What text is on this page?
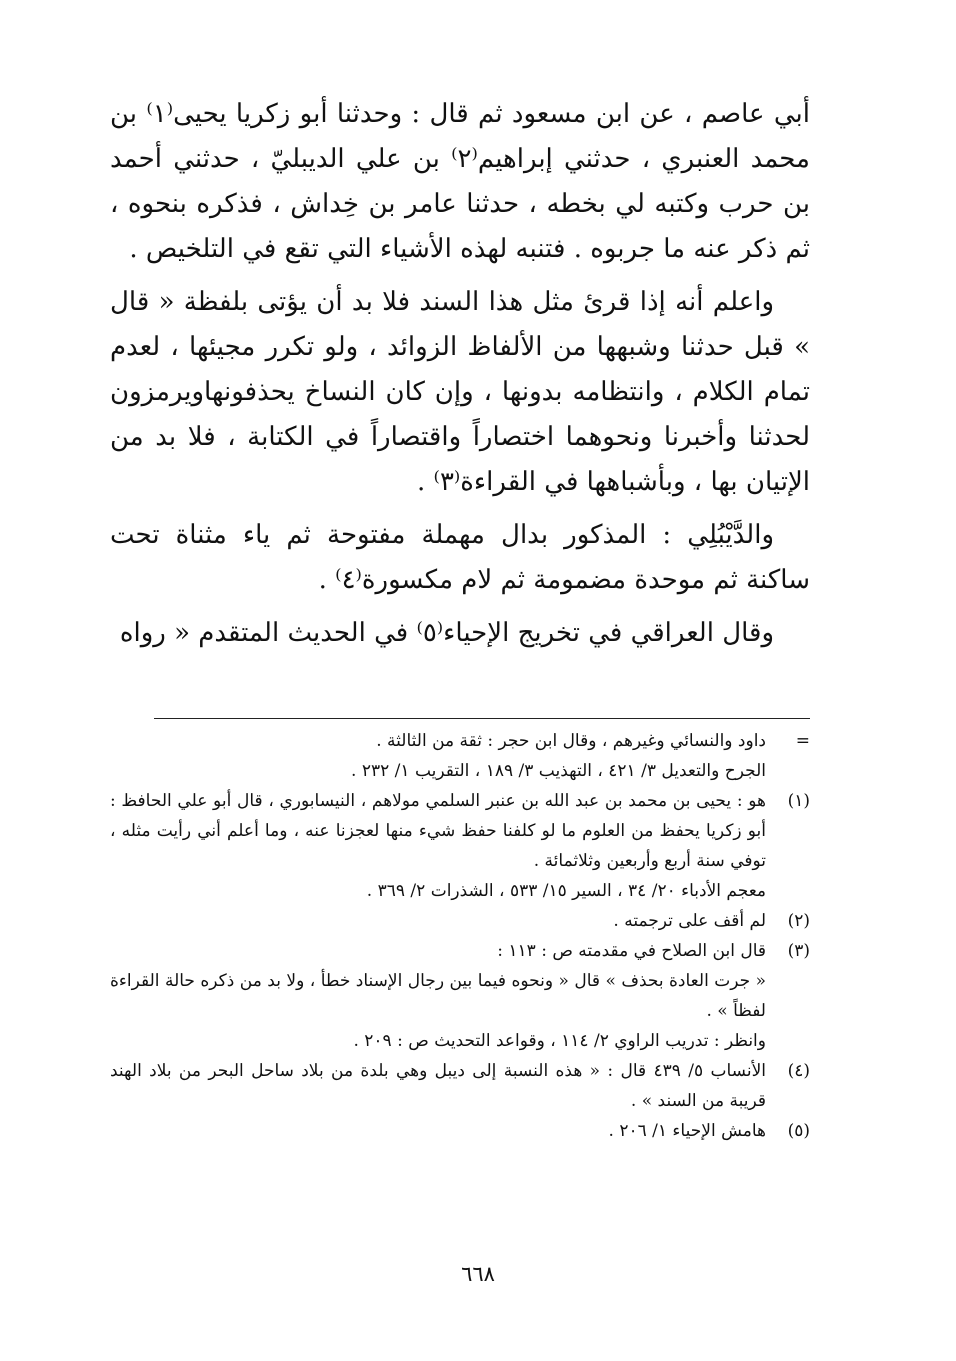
أبي عاصم ، عن ابن مسعود ثم قال : وحدثنا أبو زكريا يحيى⁽١⁾ بن محمد العنبري ، حدثني إبراهيم⁽٢⁾ بن علي الديبليّ ، حدثني أحمد بن حرب وكتبه لي بخطه ، حدثنا عامر بن خِداش ، فذكره بنحوه ، ثم ذكر عنه ما جربوه . فتنبه لهذه الأشياء التي تقع في التلخيص .

واعلم أنه إذا قرئ مثل هذا السند فلا بد أن يؤتى بلفظة « قال » قبل حدثنا وشبهها من الألفاظ الزوائد ، ولو تكرر مجيئها ، لعدم تمام الكلام ، وانتظامه بدونها ، وإن كان النساخ يحذفونهاويرمزون لحدثنا وأخبرنا ونحوهما اختصاراً واقتصاراً في الكتابة ، فلا بد من الإتيان بها ، وبأشباهها في القراءة⁽٣⁾ .

والدَّيْبُلِي : المذكور بدال مهملة مفتوحة ثم ياء مثناة تحت ساكنة ثم موحدة مضمومة ثم لام مكسورة⁽٤⁾ .

وقال العراقي في تخريج الإحياء⁽٥⁾ في الحديث المتقدم « رواه

=
داود والنسائي وغيرهم ، وقال ابن حجر : ثقة من الثالثة .
الجرح والتعديل ٣/ ٤٢١ ، التهذيب ٣/ ١٨٩ ، التقريب ١/ ٢٣٢ .
(١)
هو : يحيى بن محمد بن عبد الله بن عنبر السلمي مولاهم ، النيسابوري ، قال أبو علي الحافظ : أبو زكريا يحفظ من العلوم ما لو كلفنا حفظ شيء منها لعجزنا عنه ، وما أعلم أني رأيت مثله ، توفي سنة أربع وأربعين وثلاثمائة .
معجم الأدباء ٢٠/ ٣٤ ، السير ١٥/ ٥٣٣ ، الشذرات ٢/ ٣٦٩ .
(٢)
لم أقف على ترجمته .
(٣)
قال ابن الصلاح في مقدمته ص : ١١٣ :
« جرت العادة بحذف » قال « ونحوه فيما بين رجال الإسناد خطأ ، ولا بد من ذكره حالة القراءة لفظاً » .
وانظر : تدريب الراوي ٢/ ١١٤ ، وقواعد التحديث ص : ٢٠٩ .
(٤)
الأنساب ٥/ ٤٣٩ قال : « هذه النسبة إلى ديبل وهي بلدة من بلاد ساحل البحر من بلاد الهند قريبة من السند » .
(٥)
هامش الإحياء ١/ ٢٠٦ .
٦٦٨
